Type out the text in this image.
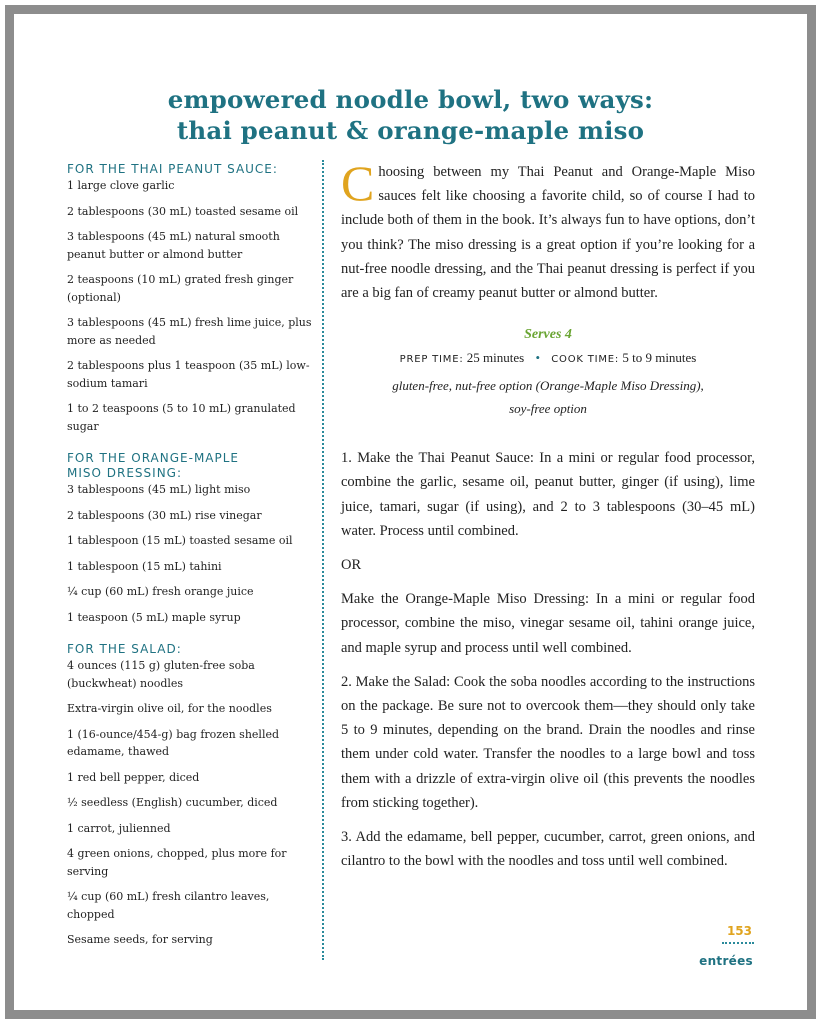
empowered noodle bowl, two ways:
thai peanut & orange-maple miso
FOR THE THAI PEANUT SAUCE:
1 large clove garlic
2 tablespoons (30 mL) toasted sesame oil
3 tablespoons (45 mL) natural smooth peanut butter or almond butter
2 teaspoons (10 mL) grated fresh ginger (optional)
3 tablespoons (45 mL) fresh lime juice, plus more as needed
2 tablespoons plus 1 teaspoon (35 mL) low-sodium tamari
1 to 2 teaspoons (5 to 10 mL) granulated sugar
FOR THE ORANGE-MAPLE
MISO DRESSING:
3 tablespoons (45 mL) light miso
2 tablespoons (30 mL) rise vinegar
1 tablespoon (15 mL) toasted sesame oil
1 tablespoon (15 mL) tahini
¼ cup (60 mL) fresh orange juice
1 teaspoon (5 mL) maple syrup
FOR THE SALAD:
4 ounces (115 g) gluten-free soba (buckwheat) noodles
Extra-virgin olive oil, for the noodles
1 (16-ounce/454-g) bag frozen shelled edamame, thawed
1 red bell pepper, diced
½ seedless (English) cucumber, diced
1 carrot, julienned
4 green onions, chopped, plus more for serving
¼ cup (60 mL) fresh cilantro leaves, chopped
Sesame seeds, for serving

Choosing between my Thai Peanut and Orange-Maple Miso sauces felt like choosing a favorite child, so of course I had to include both of them in the book. It’s always fun to have options, don’t you think? The miso dressing is a great option if you’re looking for a nut-free noodle dressing, and the Thai peanut dressing is perfect if you are a big fan of creamy peanut butter or almond butter.

Serves 4
PREP TIME: 25 minutes • COOK TIME: 5 to 9 minutes
gluten-free, nut-free option (Orange-Maple Miso Dressing),
soy-free option

1. Make the Thai Peanut Sauce: In a mini or regular food processor, combine the garlic, sesame oil, peanut butter, ginger (if using), lime juice, tamari, sugar (if using), and 2 to 3 tablespoons (30–45 mL) water. Process until combined.

OR

Make the Orange-Maple Miso Dressing: In a mini or regular food processor, combine the miso, vinegar sesame oil, tahini orange juice, and maple syrup and process until well combined.

2. Make the Salad: Cook the soba noodles according to the instructions on the package. Be sure not to overcook them—they should only take 5 to 9 minutes, depending on the brand. Drain the noodles and rinse them under cold water. Transfer the noodles to a large bowl and toss them with a drizzle of extra-virgin olive oil (this prevents the noodles from sticking together).

3. Add the edamame, bell pepper, cucumber, carrot, green onions, and cilantro to the bowl with the noodles and toss until well combined.

153
entrées
